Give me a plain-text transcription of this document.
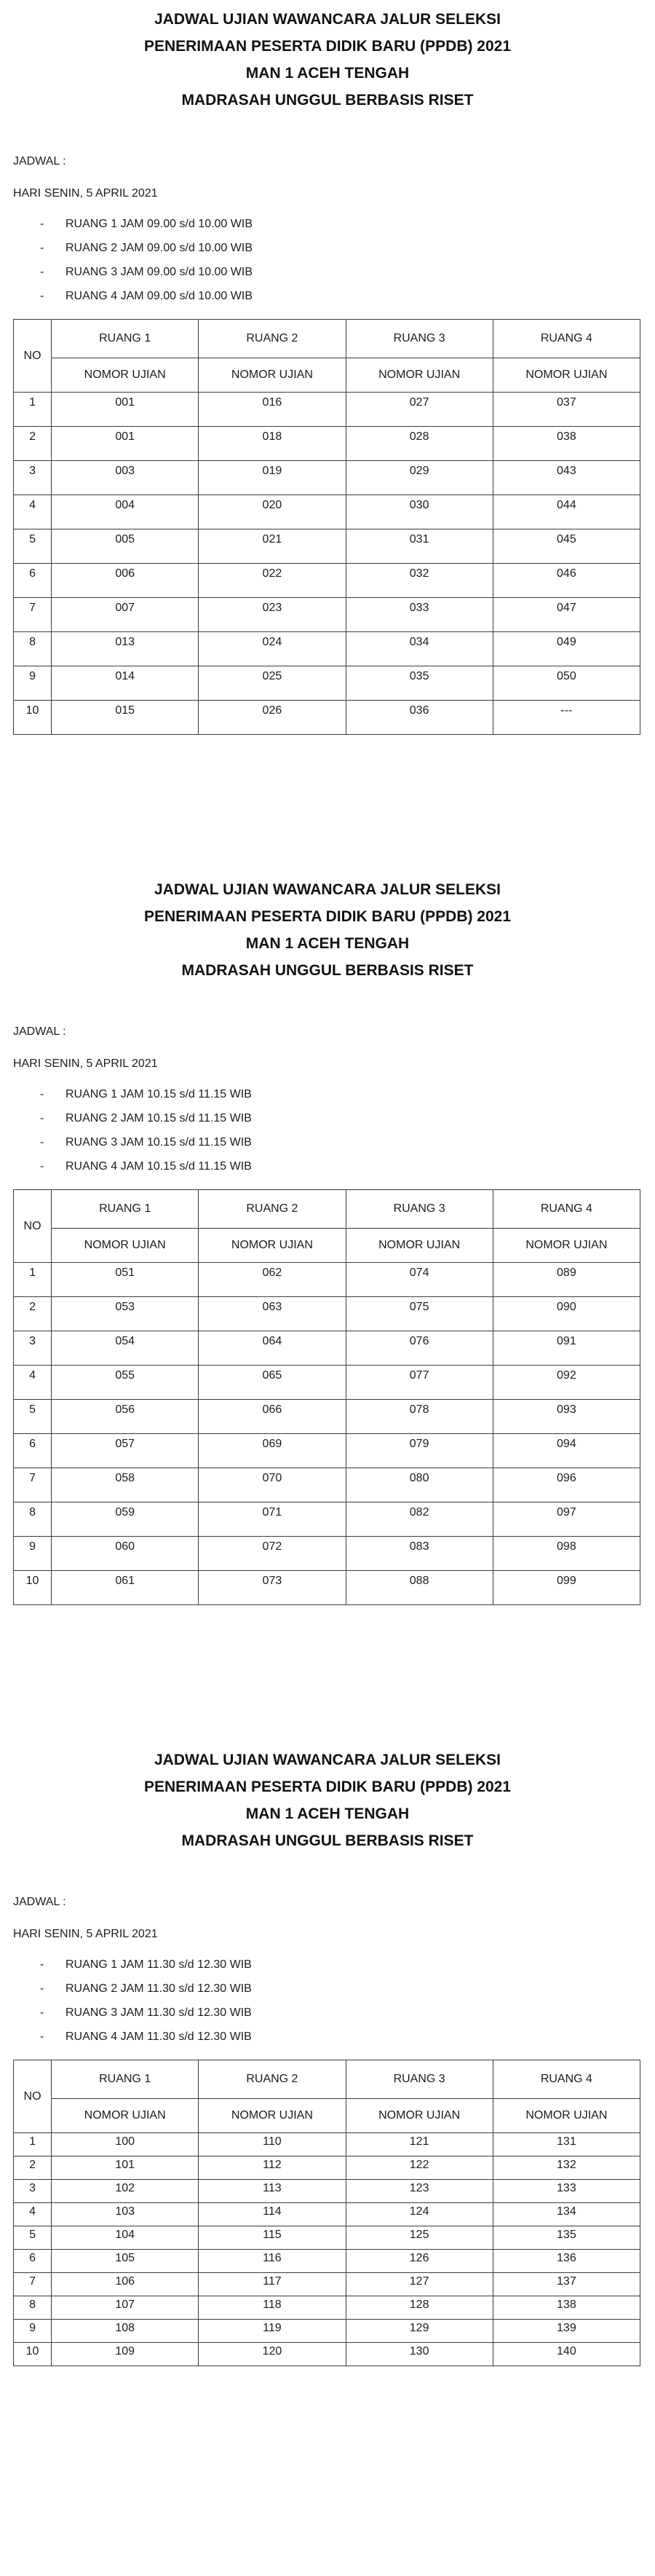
JADWAL UJIAN WAWANCARA JALUR SELEKSI
PENERIMAAN PESERTA DIDIK BARU (PPDB) 2021
MAN 1 ACEH TENGAH
MADRASAH UNGGUL BERBASIS RISET
JADWAL :
HARI SENIN, 5 APRIL 2021
-	RUANG 1 JAM 09.00 s/d 10.00 WIB
-	RUANG 2 JAM 09.00 s/d 10.00 WIB
-	RUANG 3 JAM 09.00 s/d 10.00 WIB
-	RUANG 4 JAM 09.00 s/d 10.00 WIB
NO	RUANG 1	RUANG 2	RUANG 3	RUANG 4
	NOMOR UJIAN	NOMOR UJIAN	NOMOR UJIAN	NOMOR UJIAN
1	001	016	027	037
2	001	018	028	038
3	003	019	029	043
4	004	020	030	044
5	005	021	031	045
6	006	022	032	046
7	007	023	033	047
8	013	024	034	049
9	014	025	035	050
10	015	026	036	---
JADWAL UJIAN WAWANCARA JALUR SELEKSI
PENERIMAAN PESERTA DIDIK BARU (PPDB) 2021
MAN 1 ACEH TENGAH
MADRASAH UNGGUL BERBASIS RISET
JADWAL :
HARI SENIN, 5 APRIL 2021
-	RUANG 1 JAM 10.15 s/d 11.15 WIB
-	RUANG 2 JAM 10.15 s/d 11.15 WIB
-	RUANG 3 JAM 10.15 s/d 11.15 WIB
-	RUANG 4 JAM 10.15 s/d 11.15 WIB
NO	RUANG 1	RUANG 2	RUANG 3	RUANG 4
	NOMOR UJIAN	NOMOR UJIAN	NOMOR UJIAN	NOMOR UJIAN
1	051	062	074	089
2	053	063	075	090
3	054	064	076	091
4	055	065	077	092
5	056	066	078	093
6	057	069	079	094
7	058	070	080	096
8	059	071	082	097
9	060	072	083	098
10	061	073	088	099
JADWAL UJIAN WAWANCARA JALUR SELEKSI
PENERIMAAN PESERTA DIDIK BARU (PPDB) 2021
MAN 1 ACEH TENGAH
MADRASAH UNGGUL BERBASIS RISET
JADWAL :
HARI SENIN, 5 APRIL 2021
-	RUANG 1 JAM 11.30 s/d 12.30 WIB
-	RUANG 2 JAM 11.30 s/d 12.30 WIB
-	RUANG 3 JAM 11.30 s/d 12.30 WIB
-	RUANG 4 JAM 11.30 s/d 12.30 WIB
NO	RUANG 1	RUANG 2	RUANG 3	RUANG 4
	NOMOR UJIAN	NOMOR UJIAN	NOMOR UJIAN	NOMOR UJIAN
1	100	110	121	131
2	101	112	122	132
3	102	113	123	133
4	103	114	124	134
5	104	115	125	135
6	105	116	126	136
7	106	117	127	137
8	107	118	128	138
9	108	119	129	139
10	109	120	130	140
